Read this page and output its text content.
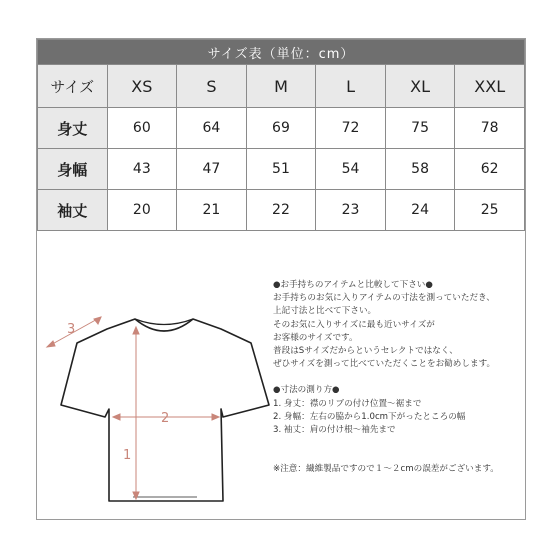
サイズ表（単位：cm）						
サイズ	XS	S	M	L	XL	XXL
身丈	60	64	69	72	75	78
身幅	43	47	51	54	58	62
袖丈	20	21	22	23	24	25
3
2
1
●お手持ちのアイテムと比較して下さい●
お手持ちのお気に入りアイテムの寸法を測っていただき、
上記寸法と比べて下さい。
そのお気に入りサイズに最も近いサイズが
お客様のサイズです。
普段はSサイズだからというセレクトではなく、
ぜひサイズを測って比べていただくことをお勧めします。
●寸法の測り方●
1. 身丈：襟のリブの付け位置～裾まで
2. 身幅：左右の脇から1.0cm下がったところの幅
3. 袖丈：肩の付け根～袖先まで
※注意：繊維製品ですので１～２cmの誤差がございます。
